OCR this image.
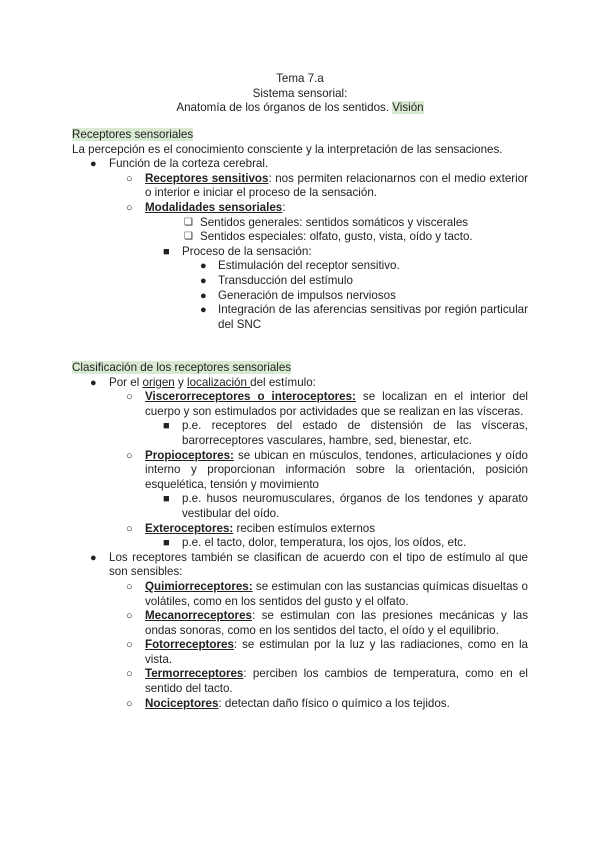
Tema 7.a
Sistema sensorial:
Anatomía de los órganos de los sentidos. Visión
Receptores sensoriales
La percepción es el conocimiento consciente y la interpretación de las sensaciones.
● Función de la corteza cerebral.
○ Receptores sensitivos: nos permiten relacionarnos con el medio exterior o interior e iniciar el proceso de la sensación.
○ Modalidades sensoriales:
❑ Sentidos generales: sentidos somáticos y viscerales
❑ Sentidos especiales: olfato, gusto, vista, oído y tacto.
■ Proceso de la sensación:
● Estimulación del receptor sensitivo.
● Transducción del estímulo
● Generación de impulsos nerviosos
● Integración de las aferencias sensitivas por región particular del SNC
Clasificación de los receptores sensoriales
● Por el origen y localización del estímulo:
○ Viscerorreceptores o interoceptores: se localizan en el interior del cuerpo y son estimulados por actividades que se realizan en las vísceras.
■ p.e. receptores del estado de distensión de las vísceras, barorreceptores vasculares, hambre, sed, bienestar, etc.
○ Propioceptores: se ubican en músculos, tendones, articulaciones y oído interno y proporcionan información sobre la orientación, posición esquelética, tensión y movimiento
■ p.e. husos neuromusculares, órganos de los tendones y aparato vestibular del oído.
○ Exteroceptores: reciben estímulos externos
■ p.e. el tacto, dolor, temperatura, los ojos, los oídos, etc.
● Los receptores también se clasifican de acuerdo con el tipo de estímulo al que son sensibles:
○ Quimiorreceptores: se estimulan con las sustancias químicas disueltas o volátiles, como en los sentidos del gusto y el olfato.
○ Mecanorreceptores: se estimulan con las presiones mecánicas y las ondas sonoras, como en los sentidos del tacto, el oído y el equilibrio.
○ Fotorreceptores: se estimulan por la luz y las radiaciones, como en la vista.
○ Termorreceptores: perciben los cambios de temperatura, como en el sentido del tacto.
○ Nociceptores: detectan daño físico o químico a los tejidos.
